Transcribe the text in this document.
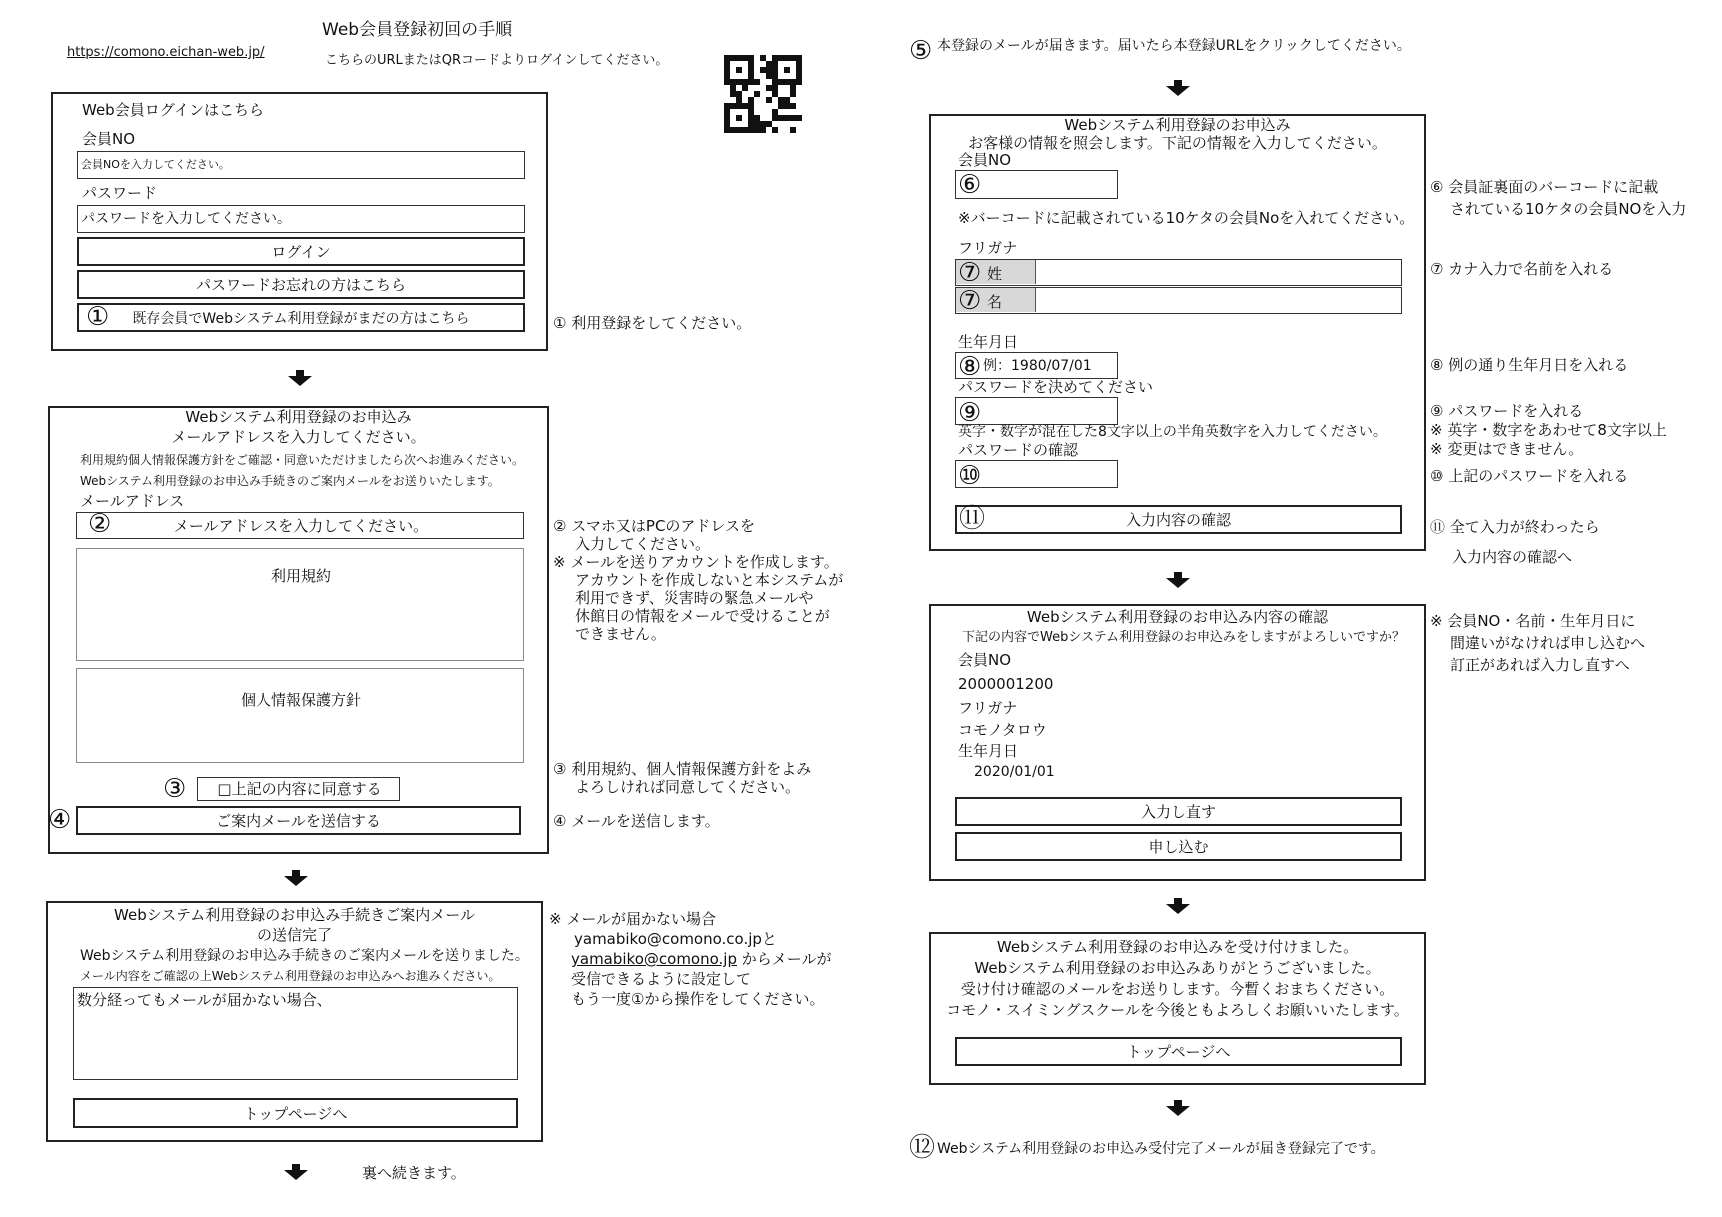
Web会員登録初回の手順
https://comono.eichan-web.jp/
こちらのURLまたはQRコードよりログインしてください。
Web会員ログインはこちら
会員NO
会員NOを入力してください。
パスワード
パスワードを入力してください。
ログイン
パスワードお忘れの方はこちら
既存会員でWebシステム利用登録がまだの方はこちら
①	① 利用登録をしてください。
Webシステム利用登録のお申込み
メールアドレスを入力してください。
利用規約個人情報保護方針をご確認・同意いただけましたら次へお進みください。
Webシステム利用登録のお申込み手続きのご案内メールをお送りいたします。
メールアドレス
メールアドレスを入力してください。
②
利用規約
個人情報保護方針
③	□上記の内容に同意する
④	ご案内メールを送信する
② スマホ又はPCのアドレスを
入力してください。
※ メールを送りアカウントを作成します。
アカウントを作成しないと本システムが
利用できず、災害時の緊急メールや
休館日の情報をメールで受けることが
できません。
③ 利用規約、個人情報保護方針をよみ
よろしければ同意してください。
④ メールを送信します。
Webシステム利用登録のお申込み手続きご案内メール
の送信完了
Webシステム利用登録のお申込み手続きのご案内メールを送りました。
メール内容をご確認の上Webシステム利用登録のお申込みへお進みください。
数分経ってもメールが届かない場合、
トップページへ
※ メールが届かない場合
yamabiko@comono.co.jpと
yamabiko@comono.jp からメールが
受信できるように設定して
もう一度①から操作をしてください。
裏へ続きます。
⑤ 本登録のメールが届きます。届いたら本登録URLをクリックしてください。
Webシステム利用登録のお申込み
お客様の情報を照会します。下記の情報を入力してください。
会員NO
⑥
※バーコードに記載されている10ケタの会員Noを入れてください。
フリガナ
⑦ 姓
⑦ 名
生年月日
⑧ 例：1980/07/01
パスワードを決めてください
⑨
英字・数字が混在した8文字以上の半角英数字を入力してください。
パスワードの確認
⑩
入力内容の確認
⑪
⑥ 会員証裏面のバーコードに記載
されている10ケタの会員NOを入力
⑦ カナ入力で名前を入れる
⑧ 例の通り生年月日を入れる
⑨ パスワードを入れる
※ 英字・数字をあわせて8文字以上
※ 変更はできません。
⑩ 上記のパスワードを入れる
⑪ 全て入力が終わったら
入力内容の確認へ
Webシステム利用登録のお申込み内容の確認
下記の内容でWebシステム利用登録のお申込みをしますがよろしいですか？
会員NO
2000001200
フリガナ
コモノタロウ
生年月日
2020/01/01
入力し直す
申し込む
※ 会員NO・名前・生年月日に
間違いがなければ申し込むへ
訂正があれば入力し直すへ
Webシステム利用登録のお申込みを受け付けました。
Webシステム利用登録のお申込みありがとうございました。
受け付け確認のメールをお送りします。今暫くおまちください。
コモノ・スイミングスクールを今後ともよろしくお願いいたします。
トップページへ
⑫ Webシステム利用登録のお申込み受付完了メールが届き登録完了です。
